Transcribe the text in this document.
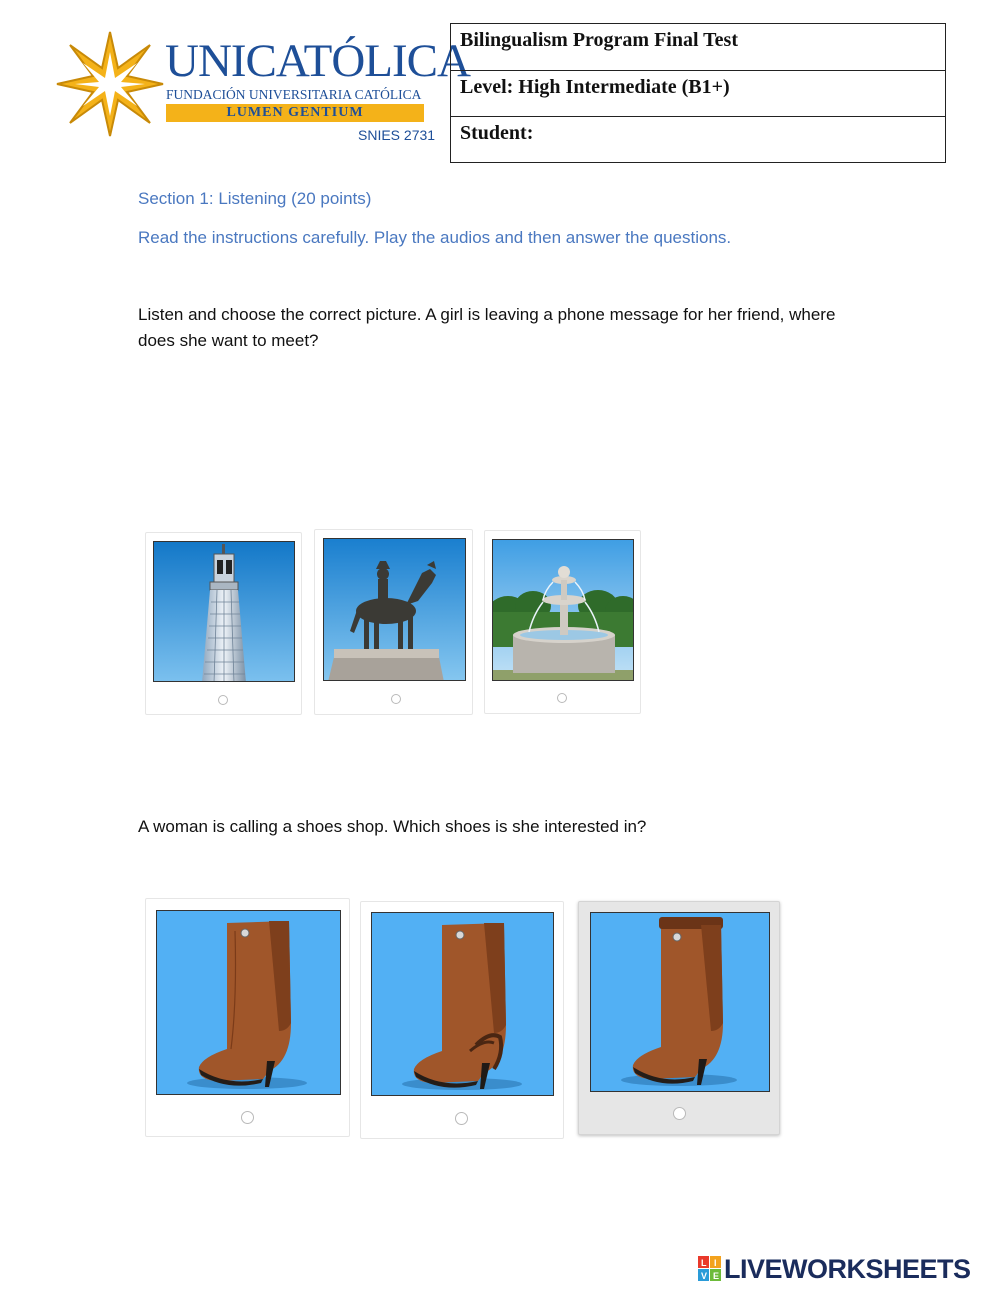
UNICATÓLICA
FUNDACIÓN UNIVERSITARIA CATÓLICA
LUMEN GENTIUM
SNIES 2731
Bilingualism Program Final Test
Level: High Intermediate (B1+)
Student:
Section 1: Listening (20 points)
Read the instructions carefully. Play the audios and then answer the questions.
Listen and choose the correct picture. A girl is leaving a phone message for her friend, where does she want to meet?
A woman is calling a shoes shop. Which shoes is she interested in?
L I
V E LIVEWORKSHEETS
